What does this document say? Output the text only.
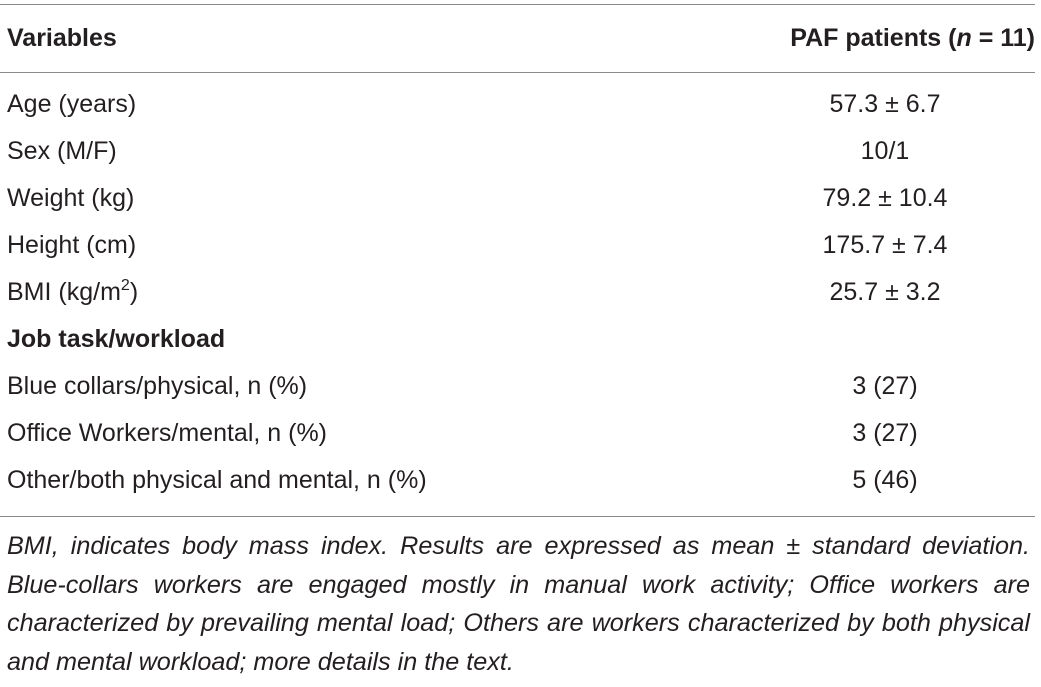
Variables	PAF patients (n = 11)
Age (years)	57.3 ± 6.7
Sex (M/F)	10/1
Weight (kg)	79.2 ± 10.4
Height (cm)	175.7 ± 7.4
BMI $(kg/m^2)$	25.7 ± 3.2
Job task/workload
Blue collars/physical, n (%)	3 (27)
Office Workers/mental, n (%)	3 (27)
Other/both physical and mental, n (%)	5 (46)
BMI, indicates body mass index. Results are expressed as mean ± standard deviation. Blue-collars workers are engaged mostly in manual work activity; Office workers are characterized by prevailing mental load; Others are workers characterized by both physical and mental workload; more details in the text.
